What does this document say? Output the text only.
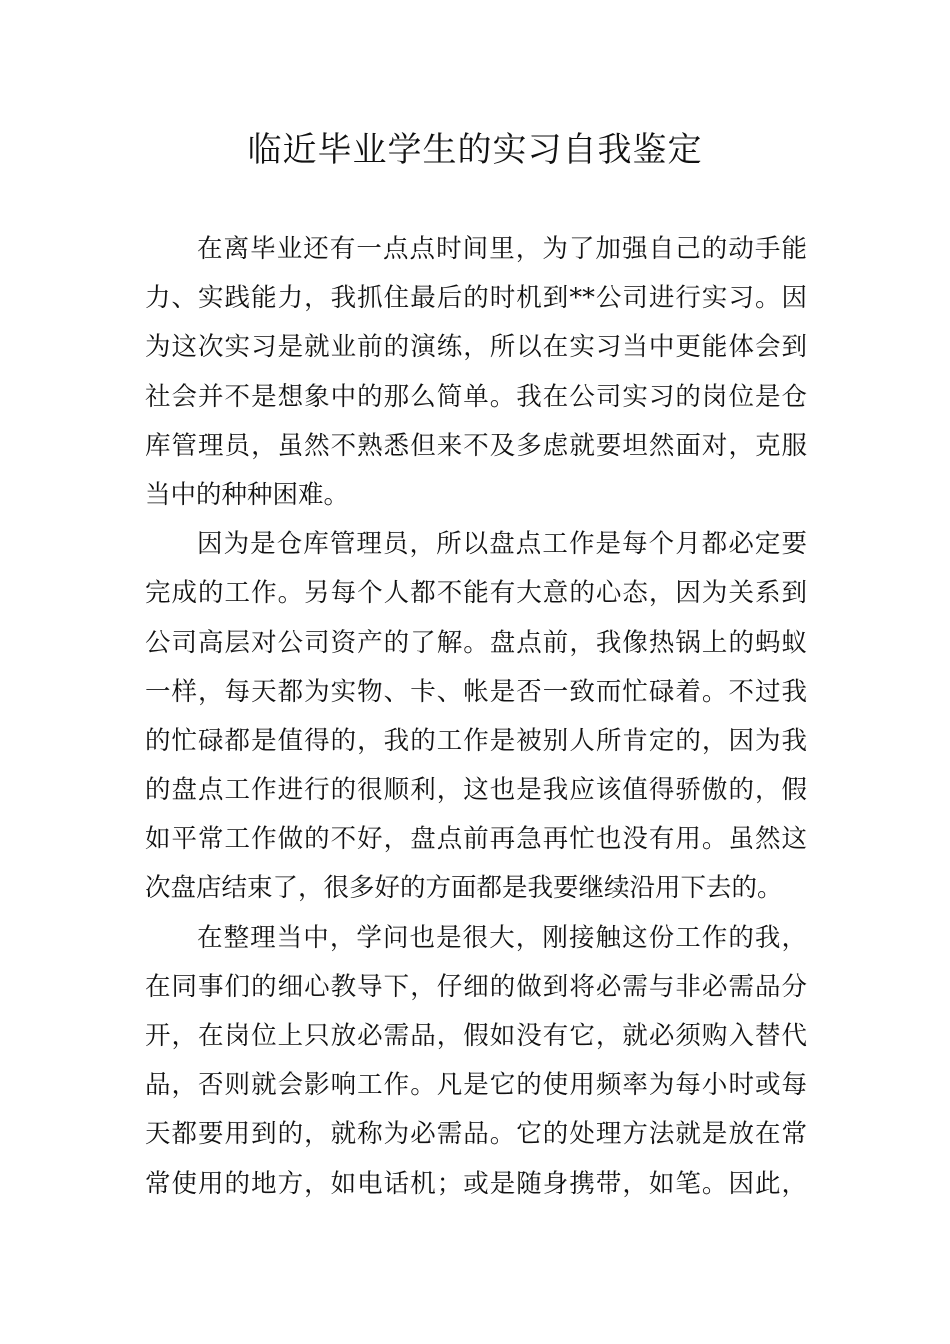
临近毕业学生的实习自我鉴定
在离毕业还有一点点时间里，为了加强自己的动手能
力、实践能力，我抓住最后的时机到**公司进行实习。因
为这次实习是就业前的演练，所以在实习当中更能体会到
社会并不是想象中的那么简单。我在公司实习的岗位是仓
库管理员，虽然不熟悉但来不及多虑就要坦然面对，克服
当中的种种困难。
因为是仓库管理员，所以盘点工作是每个月都必定要
完成的工作。另每个人都不能有大意的心态，因为关系到
公司高层对公司资产的了解。盘点前，我像热锅上的蚂蚁
一样，每天都为实物、卡、帐是否一致而忙碌着。不过我
的忙碌都是值得的，我的工作是被别人所肯定的，因为我
的盘点工作进行的很顺利，这也是我应该值得骄傲的，假
如平常工作做的不好，盘点前再急再忙也没有用。虽然这
次盘店结束了，很多好的方面都是我要继续沿用下去的。
在整理当中，学问也是很大，刚接触这份工作的我，
在同事们的细心教导下，仔细的做到将必需与非必需品分
开，在岗位上只放必需品，假如没有它，就必须购入替代
品，否则就会影响工作。凡是它的使用频率为每小时或每
天都要用到的，就称为必需品。它的处理方法就是放在常
常使用的地方，如电话机；或是随身携带，如笔。因此，
